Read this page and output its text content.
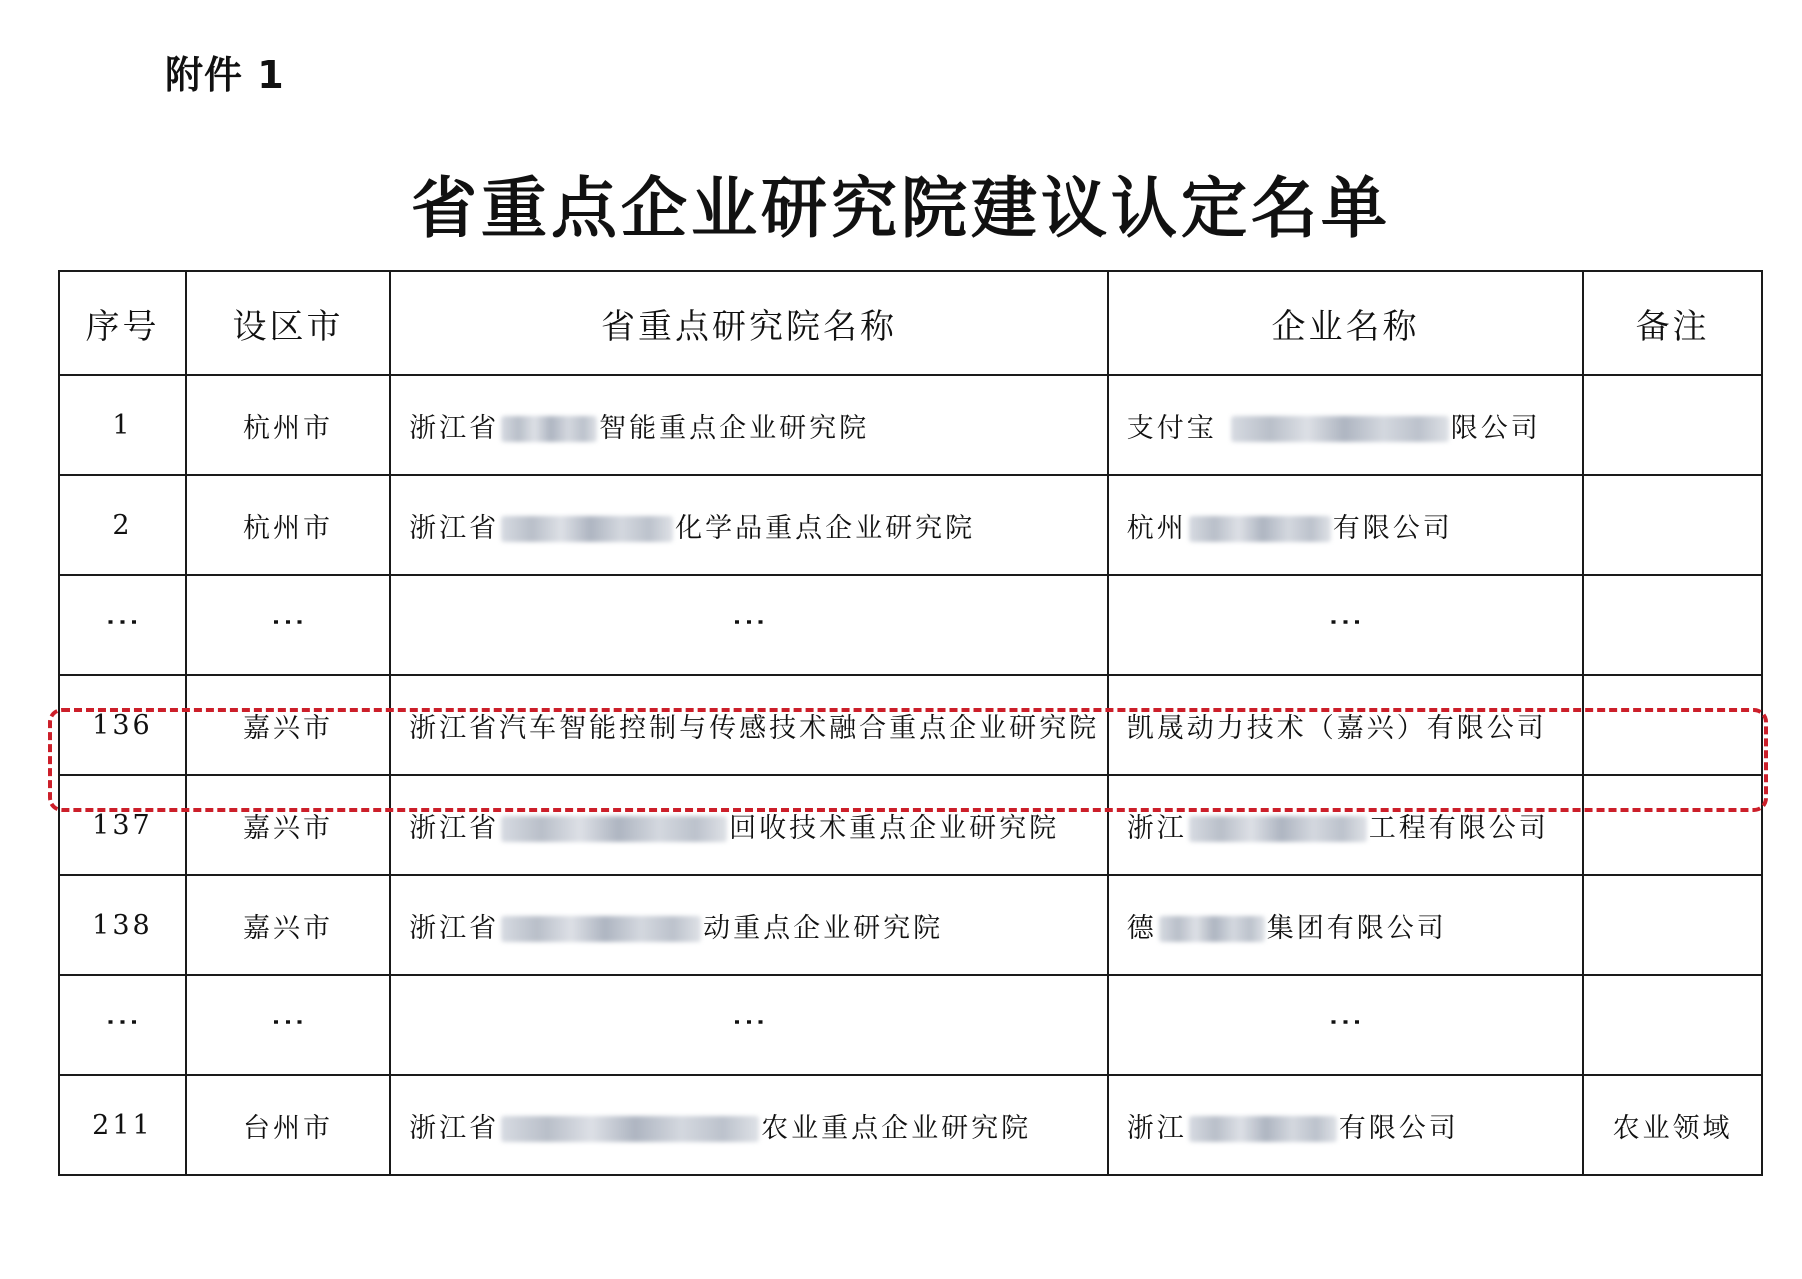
附件 1
省重点企业研究院建议认定名单
序号	设区市	省重点研究院名称	企业名称	备注
1	杭州市	浙江省 智能重点企业研究院	支付宝 限公司	
2	杭州市	浙江省 化学品重点企业研究院	杭州 有限公司	
⋮	⋮	⋮	⋮	
136	嘉兴市	浙江省汽车智能控制与传感技术融合重点企业研究院	凯晟动力技术（嘉兴）有限公司	
137	嘉兴市	浙江省 回收技术重点企业研究院	浙江 工程有限公司	
138	嘉兴市	浙江省 动重点企业研究院	德 集团有限公司	
⋮	⋮	⋮	⋮	
211	台州市	浙江省 农业重点企业研究院	浙江 有限公司	农业领域
